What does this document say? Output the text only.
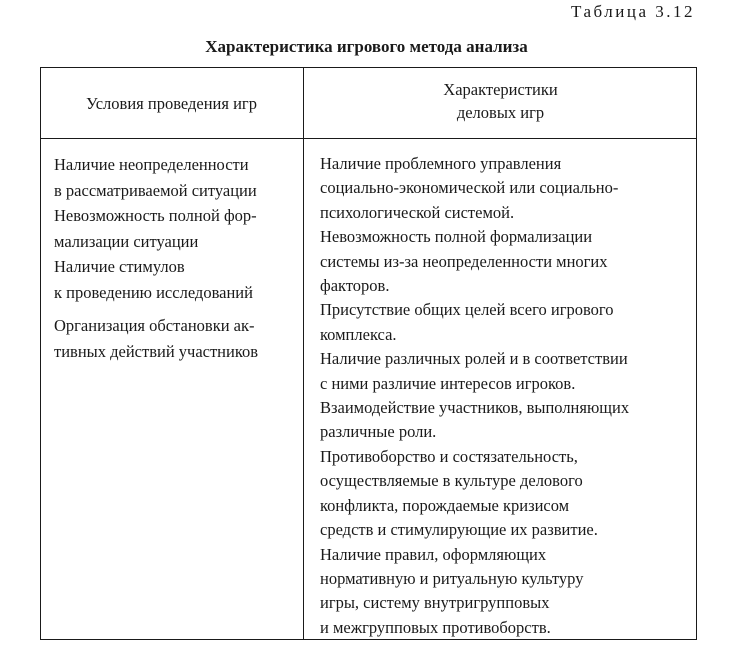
Таблица 3.12
Характеристика игрового метода анализа
Условия проведения игр
Характеристики
деловых игр
Наличие неопределенности
в рассматриваемой ситуации
Невозможность полной фор-
мализации ситуации
Наличие стимулов
к проведению исследований
Организация обстановки ак-
тивных действий участников
Наличие проблемного управления
социально-экономической или социально-
психологической системой.
Невозможность полной формализации
системы из-за неопределенности многих
факторов.
Присутствие общих целей всего игрового
комплекса.
Наличие различных ролей и в соответствии
с ними различие интересов игроков.
Взаимодействие участников, выполняющих
различные роли.
Противоборство и состязательность,
осуществляемые в культуре делового
конфликта, порождаемые кризисом
средств и стимулирующие их развитие.
Наличие правил, оформляющих
нормативную и ритуальную культуру
игры, систему внутригрупповых
и межгрупповых противоборств.
